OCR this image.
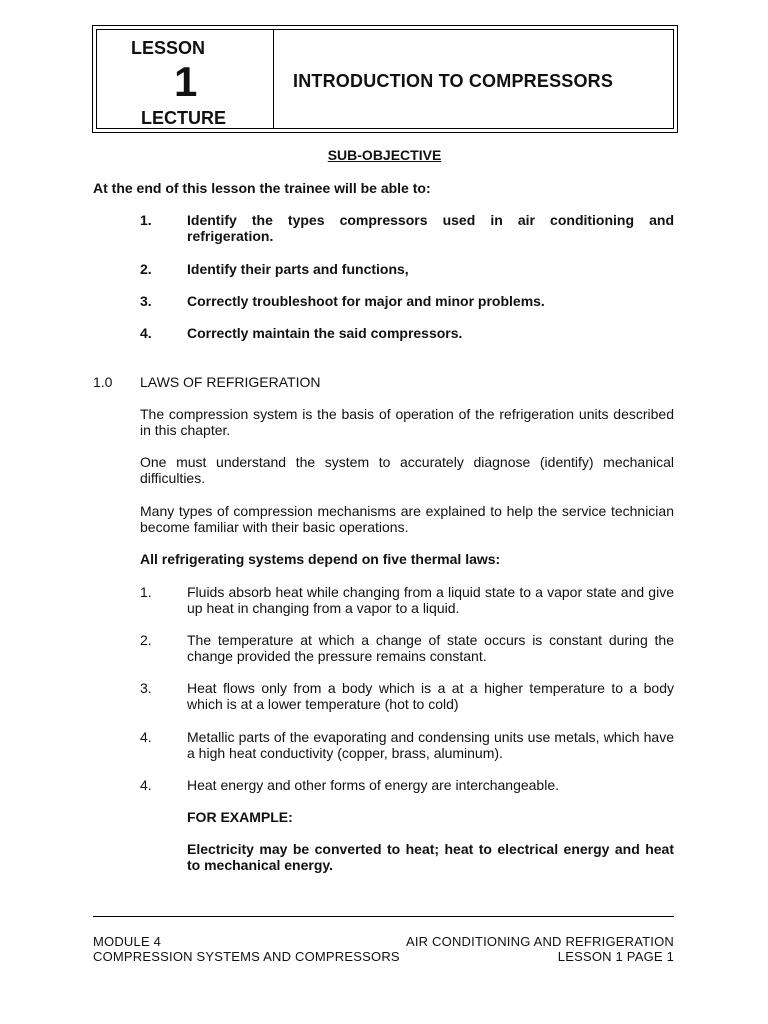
LESSON
1
LECTURE
INTRODUCTION TO COMPRESSORS
SUB-OBJECTIVE
At the end of this lesson the trainee will be able to:
1.	Identify the types compressors used in air conditioning and refrigeration.
2.	Identify their parts and functions,
3.	Correctly troubleshoot for major and minor problems.
4.	Correctly maintain the said compressors.
1.0 LAWS OF REFRIGERATION
The compression system is the basis of operation of the refrigeration units described in this chapter.
One must understand the system to accurately diagnose (identify) mechanical difficulties.
Many types of compression mechanisms are explained to help the service technician become familiar with their basic operations.
All refrigerating systems depend on five thermal laws:
1.	Fluids absorb heat while changing from a liquid state to a vapor state and give up heat in changing from a vapor to a liquid.
2.	The temperature at which a change of state occurs is constant during the change provided the pressure remains constant.
3.	Heat flows only from a body which is a at a higher temperature to a body which is at a lower temperature (hot to cold)
4.	Metallic parts of the evaporating and condensing units use metals, which have a high heat conductivity (copper, brass, aluminum).
4.	Heat energy and other forms of energy are interchangeable.
FOR EXAMPLE:
Electricity may be converted to heat; heat to electrical energy and heat to mechanical energy.
MODULE 4
COMPRESSION SYSTEMS AND COMPRESSORS
AIR CONDITIONING AND REFRIGERATION
LESSON 1 PAGE 1
